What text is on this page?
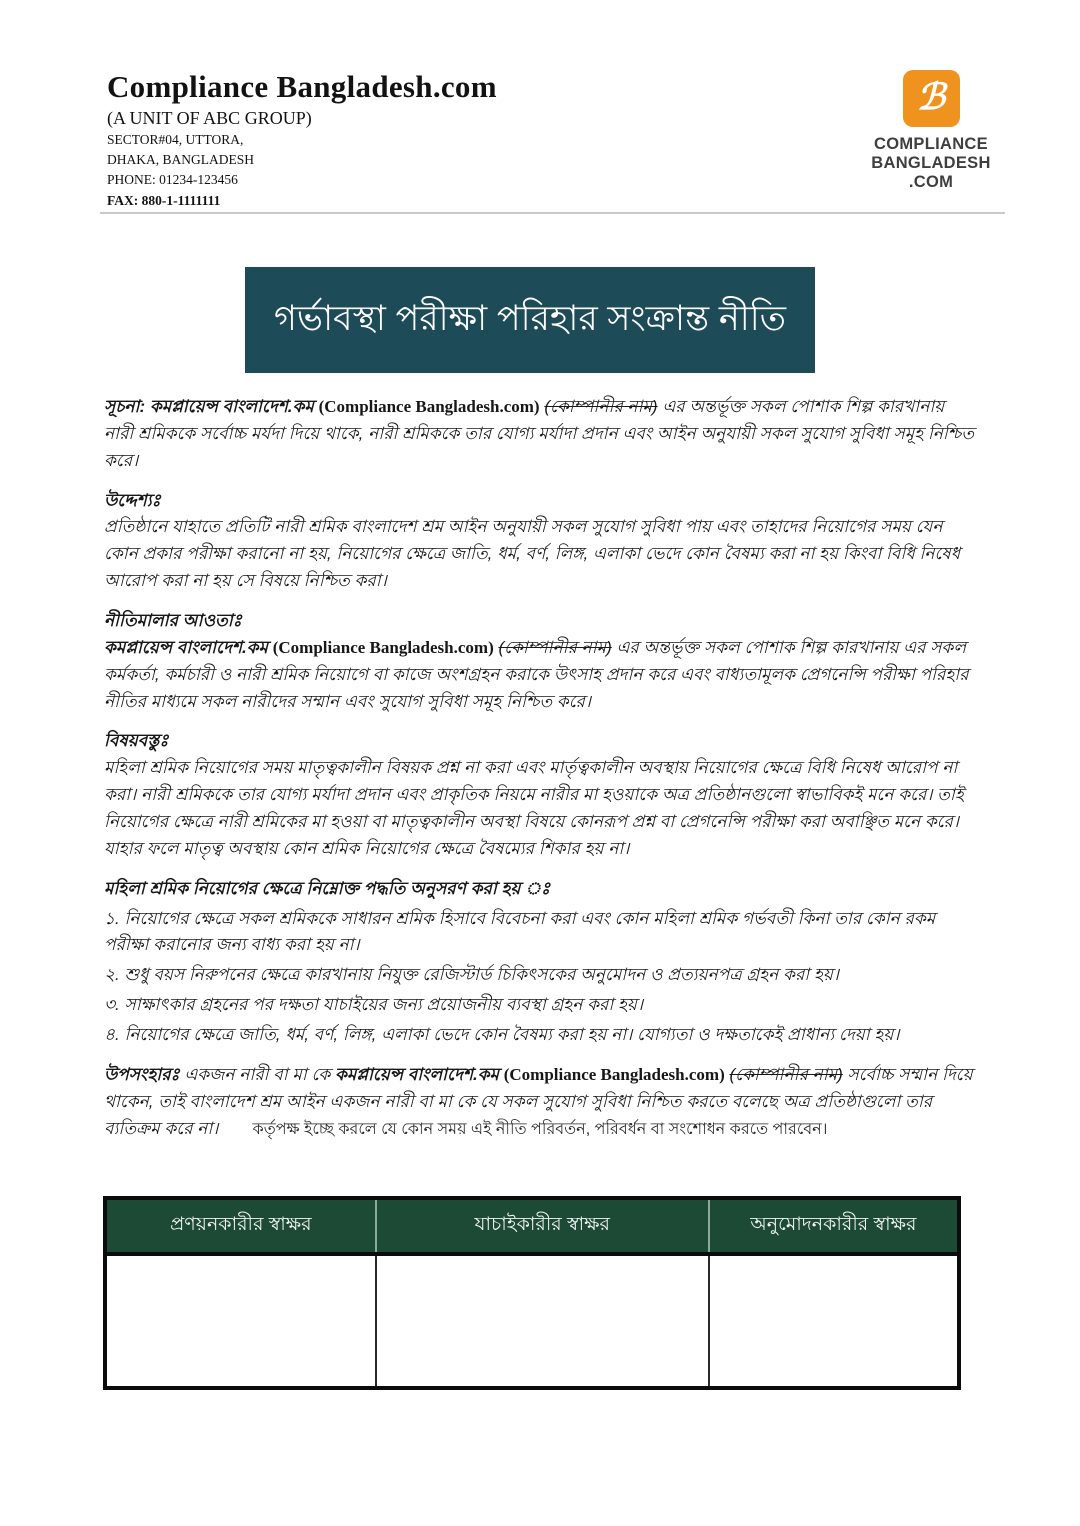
Compliance Bangladesh.com
(A UNIT OF ABC GROUP)
SECTOR#04, UTTORA,
DHAKA, BANGLADESH
PHONE: 01234-123456
FAX: 880-1-1111111
ℬ
COMPLIANCE
BANGLADESH
.COM
গর্ভাবস্থা পরীক্ষা পরিহার সংক্রান্ত নীতি

সূচনা: কমপ্লায়েন্স বাংলাদেশ.কম (Compliance Bangladesh.com) (কোম্পানীর নাম) এর অন্তর্ভূক্ত সকল পোশাক শিল্প কারখানায় নারী শ্রমিককে সর্বোচ্চ মর্যদা দিয়ে থাকে, নারী শ্রমিককে তার যোগ্য মর্যাদা প্রদান এবং আইন অনুযায়ী সকল সুযোগ সুবিধা সমূহ নিশ্চিত করে।

উদ্দেশ্যঃ
প্রতিষ্ঠানে যাহাতে প্রতিটি নারী শ্রমিক বাংলাদেশ শ্রম আইন অনুযায়ী সকল সুযোগ সুবিধা পায় এবং তাহাদের নিয়োগের সময় যেন কোন প্রকার পরীক্ষা করানো না হয়, নিয়োগের ক্ষেত্রে জাতি, ধর্ম, বর্ণ, লিঙ্গ, এলাকা ভেদে কোন বৈষম্য করা না হয় কিংবা বিধি নিষেধ আরোপ করা না হয় সে বিষয়ে নিশ্চিত করা।
নীতিমালার আওতাঃ
কমপ্লায়েন্স বাংলাদেশ.কম (Compliance Bangladesh.com) (কোম্পানীর নাম) এর অন্তর্ভূক্ত সকল পোশাক শিল্প কারখানায় এর সকল কর্মকর্তা, কর্মচারী ও নারী শ্রমিক নিয়োগে বা কাজে অংশগ্রহন করাকে উৎসাহ প্রদান করে এবং বাধ্যতামূলক প্রেগনেন্সি পরীক্ষা পরিহার নীতির মাধ্যমে সকল নারীদের সম্মান এবং সুযোগ সুবিধা সমূহ নিশ্চিত করে।
বিষয়বস্তুঃ
মহিলা শ্রমিক নিয়োগের সময় মাতৃত্বকালীন বিষয়ক প্রশ্ন না করা এবং মার্তৃত্বকালীন অবস্থায় নিয়োগের ক্ষেত্রে বিধি নিষেধ আরোপ না করা। নারী শ্রমিককে তার যোগ্য মর্যাদা প্রদান এবং প্রাকৃতিক নিয়মে নারীর মা হওয়াকে অত্র প্রতিষ্ঠানগুলো স্বাভাবিকই মনে করে। তাই নিয়োগের ক্ষেত্রে নারী শ্রমিকের মা হওয়া বা মাতৃত্বকালীন অবস্থা বিষয়ে কোনরূপ প্রশ্ন বা প্রেগনেন্সি পরীক্ষা করা অবাঞ্ছিত মনে করে। যাহার ফলে মাতৃত্ব অবস্থায় কোন শ্রমিক নিয়োগের ক্ষেত্রে বৈষম্যের শিকার হয় না।
মহিলা শ্রমিক নিয়োগের ক্ষেত্রে নিম্নোক্ত পদ্ধতি অনুসরণ করা হয় ঃ
১. নিয়োগের ক্ষেত্রে সকল শ্রমিককে সাধারন শ্রমিক হিসাবে বিবেচনা করা এবং কোন মহিলা শ্রমিক গর্ভবতী কিনা তার কোন রকম পরীক্ষা করানোর জন্য বাধ্য করা হয় না।
২. শুধু বয়স নিরুপনের ক্ষেত্রে কারখানায় নিযুক্ত রেজিস্টার্ড চিকিৎসকের অনুমোদন ও প্রত্যয়নপত্র গ্রহন করা হয়।
৩. সাক্ষাৎকার গ্রহনের পর দক্ষতা যাচাইয়ের জন্য প্রয়োজনীয় ব্যবস্থা গ্রহন করা হয়।
৪. নিয়োগের ক্ষেত্রে জাতি, ধর্ম, বর্ণ, লিঙ্গ, এলাকা ভেদে কোন বৈষম্য করা হয় না। যোগ্যতা ও দক্ষতাকেই প্রাধান্য দেয়া হয়।

উপসংহারঃ একজন নারী বা মা কে কমপ্লায়েন্স বাংলাদেশ.কম (Compliance Bangladesh.com) (কোম্পানীর নাম) সর্বোচ্চ সম্মান দিয়ে থাকেন, তাই বাংলাদেশ শ্রম আইন একজন নারী বা মা কে যে সকল সুযোগ সুবিধা নিশ্চিত করতে বলেছে অত্র প্রতিষ্ঠাগুলো তার ব্যতিক্রম করে না।	কর্তৃপক্ষ ইচ্ছে করলে যে কোন সময় এই নীতি পরিবর্তন, পরিবর্ধন বা সংশোধন করতে পারবেন।
প্রণয়নকারীর স্বাক্ষর	যাচাইকারীর স্বাক্ষর	অনুমোদনকারীর স্বাক্ষর
